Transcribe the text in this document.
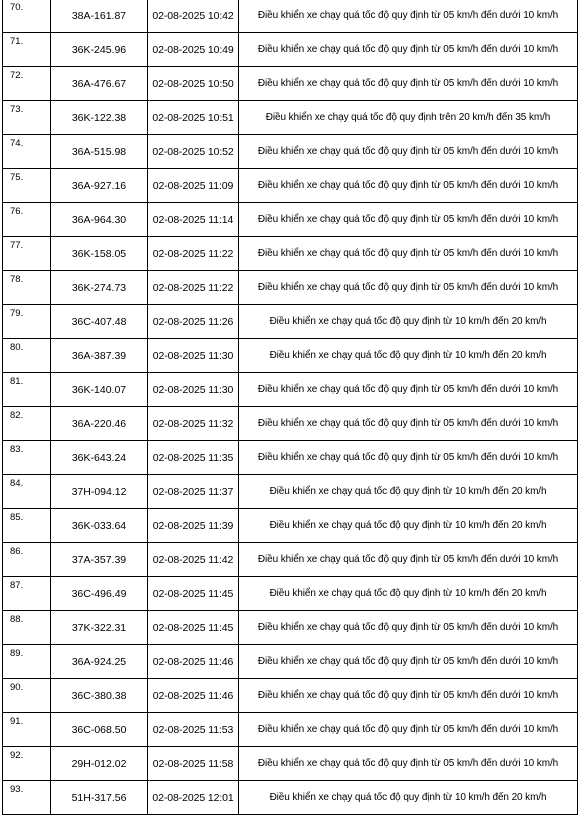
70.	38A-161.87	02-08-2025 10:42	Điều khiển xe chạy quá tốc độ quy định từ 05 km/h đến dưới 10 km/h
71.	36K-245.96	02-08-2025 10:49	Điều khiển xe chạy quá tốc độ quy định từ 05 km/h đến dưới 10 km/h
72.	36A-476.67	02-08-2025 10:50	Điều khiển xe chạy quá tốc độ quy định từ 05 km/h đến dưới 10 km/h
73.	36K-122.38	02-08-2025 10:51	Điều khiển xe chạy quá tốc độ quy định trên 20 km/h đến 35 km/h
74.	36A-515.98	02-08-2025 10:52	Điều khiển xe chạy quá tốc độ quy định từ 05 km/h đến dưới 10 km/h
75.	36A-927.16	02-08-2025 11:09	Điều khiển xe chạy quá tốc độ quy định từ 05 km/h đến dưới 10 km/h
76.	36A-964.30	02-08-2025 11:14	Điều khiển xe chạy quá tốc độ quy định từ 05 km/h đến dưới 10 km/h
77.	36K-158.05	02-08-2025 11:22	Điều khiển xe chạy quá tốc độ quy định từ 05 km/h đến dưới 10 km/h
78.	36K-274.73	02-08-2025 11:22	Điều khiển xe chạy quá tốc độ quy định từ 05 km/h đến dưới 10 km/h
79.	36C-407.48	02-08-2025 11:26	Điều khiển xe chạy quá tốc độ quy định từ 10 km/h đến 20 km/h
80.	36A-387.39	02-08-2025 11:30	Điều khiển xe chạy quá tốc độ quy định từ 10 km/h đến 20 km/h
81.	36K-140.07	02-08-2025 11:30	Điều khiển xe chạy quá tốc độ quy định từ 05 km/h đến dưới 10 km/h
82.	36A-220.46	02-08-2025 11:32	Điều khiển xe chạy quá tốc độ quy định từ 05 km/h đến dưới 10 km/h
83.	36K-643.24	02-08-2025 11:35	Điều khiển xe chạy quá tốc độ quy định từ 05 km/h đến dưới 10 km/h
84.	37H-094.12	02-08-2025 11:37	Điều khiển xe chạy quá tốc độ quy định từ 10 km/h đến 20 km/h
85.	36K-033.64	02-08-2025 11:39	Điều khiển xe chạy quá tốc độ quy định từ 10 km/h đến 20 km/h
86.	37A-357.39	02-08-2025 11:42	Điều khiển xe chạy quá tốc độ quy định từ 05 km/h đến dưới 10 km/h
87.	36C-496.49	02-08-2025 11:45	Điều khiển xe chạy quá tốc độ quy định từ 10 km/h đến 20 km/h
88.	37K-322.31	02-08-2025 11:45	Điều khiển xe chạy quá tốc độ quy định từ 05 km/h đến dưới 10 km/h
89.	36A-924.25	02-08-2025 11:46	Điều khiển xe chạy quá tốc độ quy định từ 05 km/h đến dưới 10 km/h
90.	36C-380.38	02-08-2025 11:46	Điều khiển xe chạy quá tốc độ quy định từ 05 km/h đến dưới 10 km/h
91.	36C-068.50	02-08-2025 11:53	Điều khiển xe chạy quá tốc độ quy định từ 05 km/h đến dưới 10 km/h
92.	29H-012.02	02-08-2025 11:58	Điều khiển xe chạy quá tốc độ quy định từ 05 km/h đến dưới 10 km/h
93.	51H-317.56	02-08-2025 12:01	Điều khiển xe chạy quá tốc độ quy định từ 10 km/h đến 20 km/h
